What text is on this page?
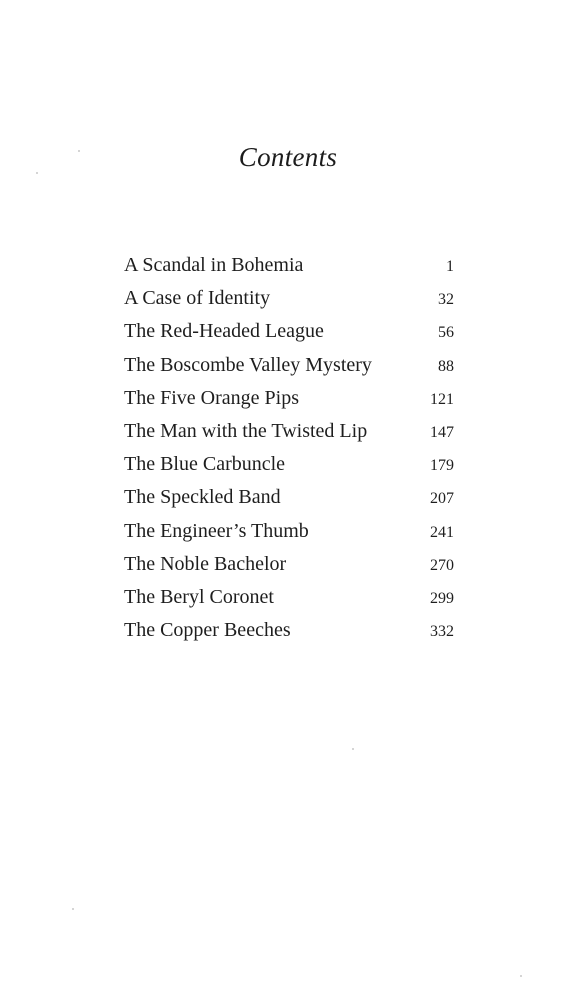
Contents
A Scandal in Bohemia	1
A Case of Identity	32
The Red-Headed League	56
The Boscombe Valley Mystery	88
The Five Orange Pips	121
The Man with the Twisted Lip	147
The Blue Carbuncle	179
The Speckled Band	207
The Engineer’s Thumb	241
The Noble Bachelor	270
The Beryl Coronet	299
The Copper Beeches	332
